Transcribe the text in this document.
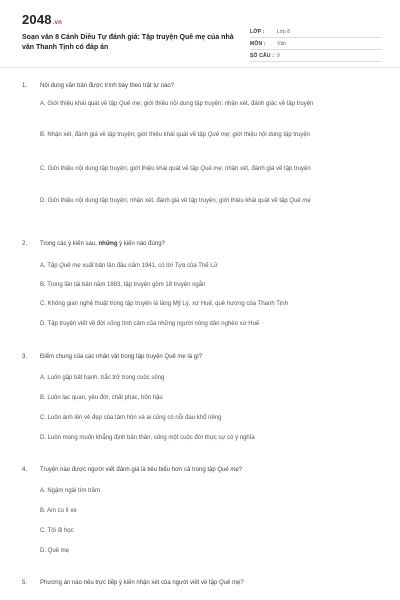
2048.vn
Soạn văn 8 Cánh Diều Tự đánh giá: Tập truyện Quê mẹ của nhà văn Thanh Tịnh có đáp án
LỚP : Lớp 8
MÔN : Văn
SỐ CÂU : 9
1. Nội dung văn bản được trình bày theo trật tự nào?
A. Giới thiệu khái quát về tập Quê mẹ; giới thiệu nội dung tập truyện; nhận xét, đánh giác về tập truyện
B. Nhận xét, đánh giá về tập truyện; giới thiệu khái quát về tập Quê mẹ; giới thiệu nội dung tập truyện
C. Giới thiệu nội dung tập truyện; giới thiệu khái quát về tập Quê mẹ; nhận xét, đánh giá về tập truyện
D. Giới thiệu nội dung tập truyện; nhận xét, đánh giá về tập truyện; giới thiệu khái quát về tập Quê mẹ
2. Trong các ý kiến sau, những ý kiến nào đúng?
A. Tập Quê mẹ xuất bản lần đầu năm 1941, có lời Tựa của Thế Lữ
B. Trong lần tái bản năm 1983, tập truyện gồm 18 truyện ngắn
C. Không gian nghệ thuật trong tập truyện là làng Mỹ Lý, xứ Huế, quê hương của Thanh Tịnh
D. Tập truyện viết về đời sống tình cảm của những người nông dân nghèo xứ Huế
3. Điểm chung của các nhân vật trong tập truyện Quê mẹ là gì?
A. Luôn gặp bất hạnh, trắc trở trong cuộc sống
B. Luôn lạc quan, yêu đời, chất phác, hồn hậu
C. Luôn ánh lên vẻ đẹp của tâm hồn và ai cũng có nỗi đau khổ riêng
D. Luôn mong muốn khẳng định bản thân, sống một cuộc đời thực sự có ý nghĩa
4. Truyện nào được người viết đánh giá là tiêu biểu hơn cả trong tập Quê mẹ?
A. Ngậm ngải tìm trầm
B. Am cu lì xe
C. Tôi đi học
D. Quê mẹ
5. Phương án nào nêu trực tiếp ý kiến nhận xét của người viết về tập Quê mẹ?
